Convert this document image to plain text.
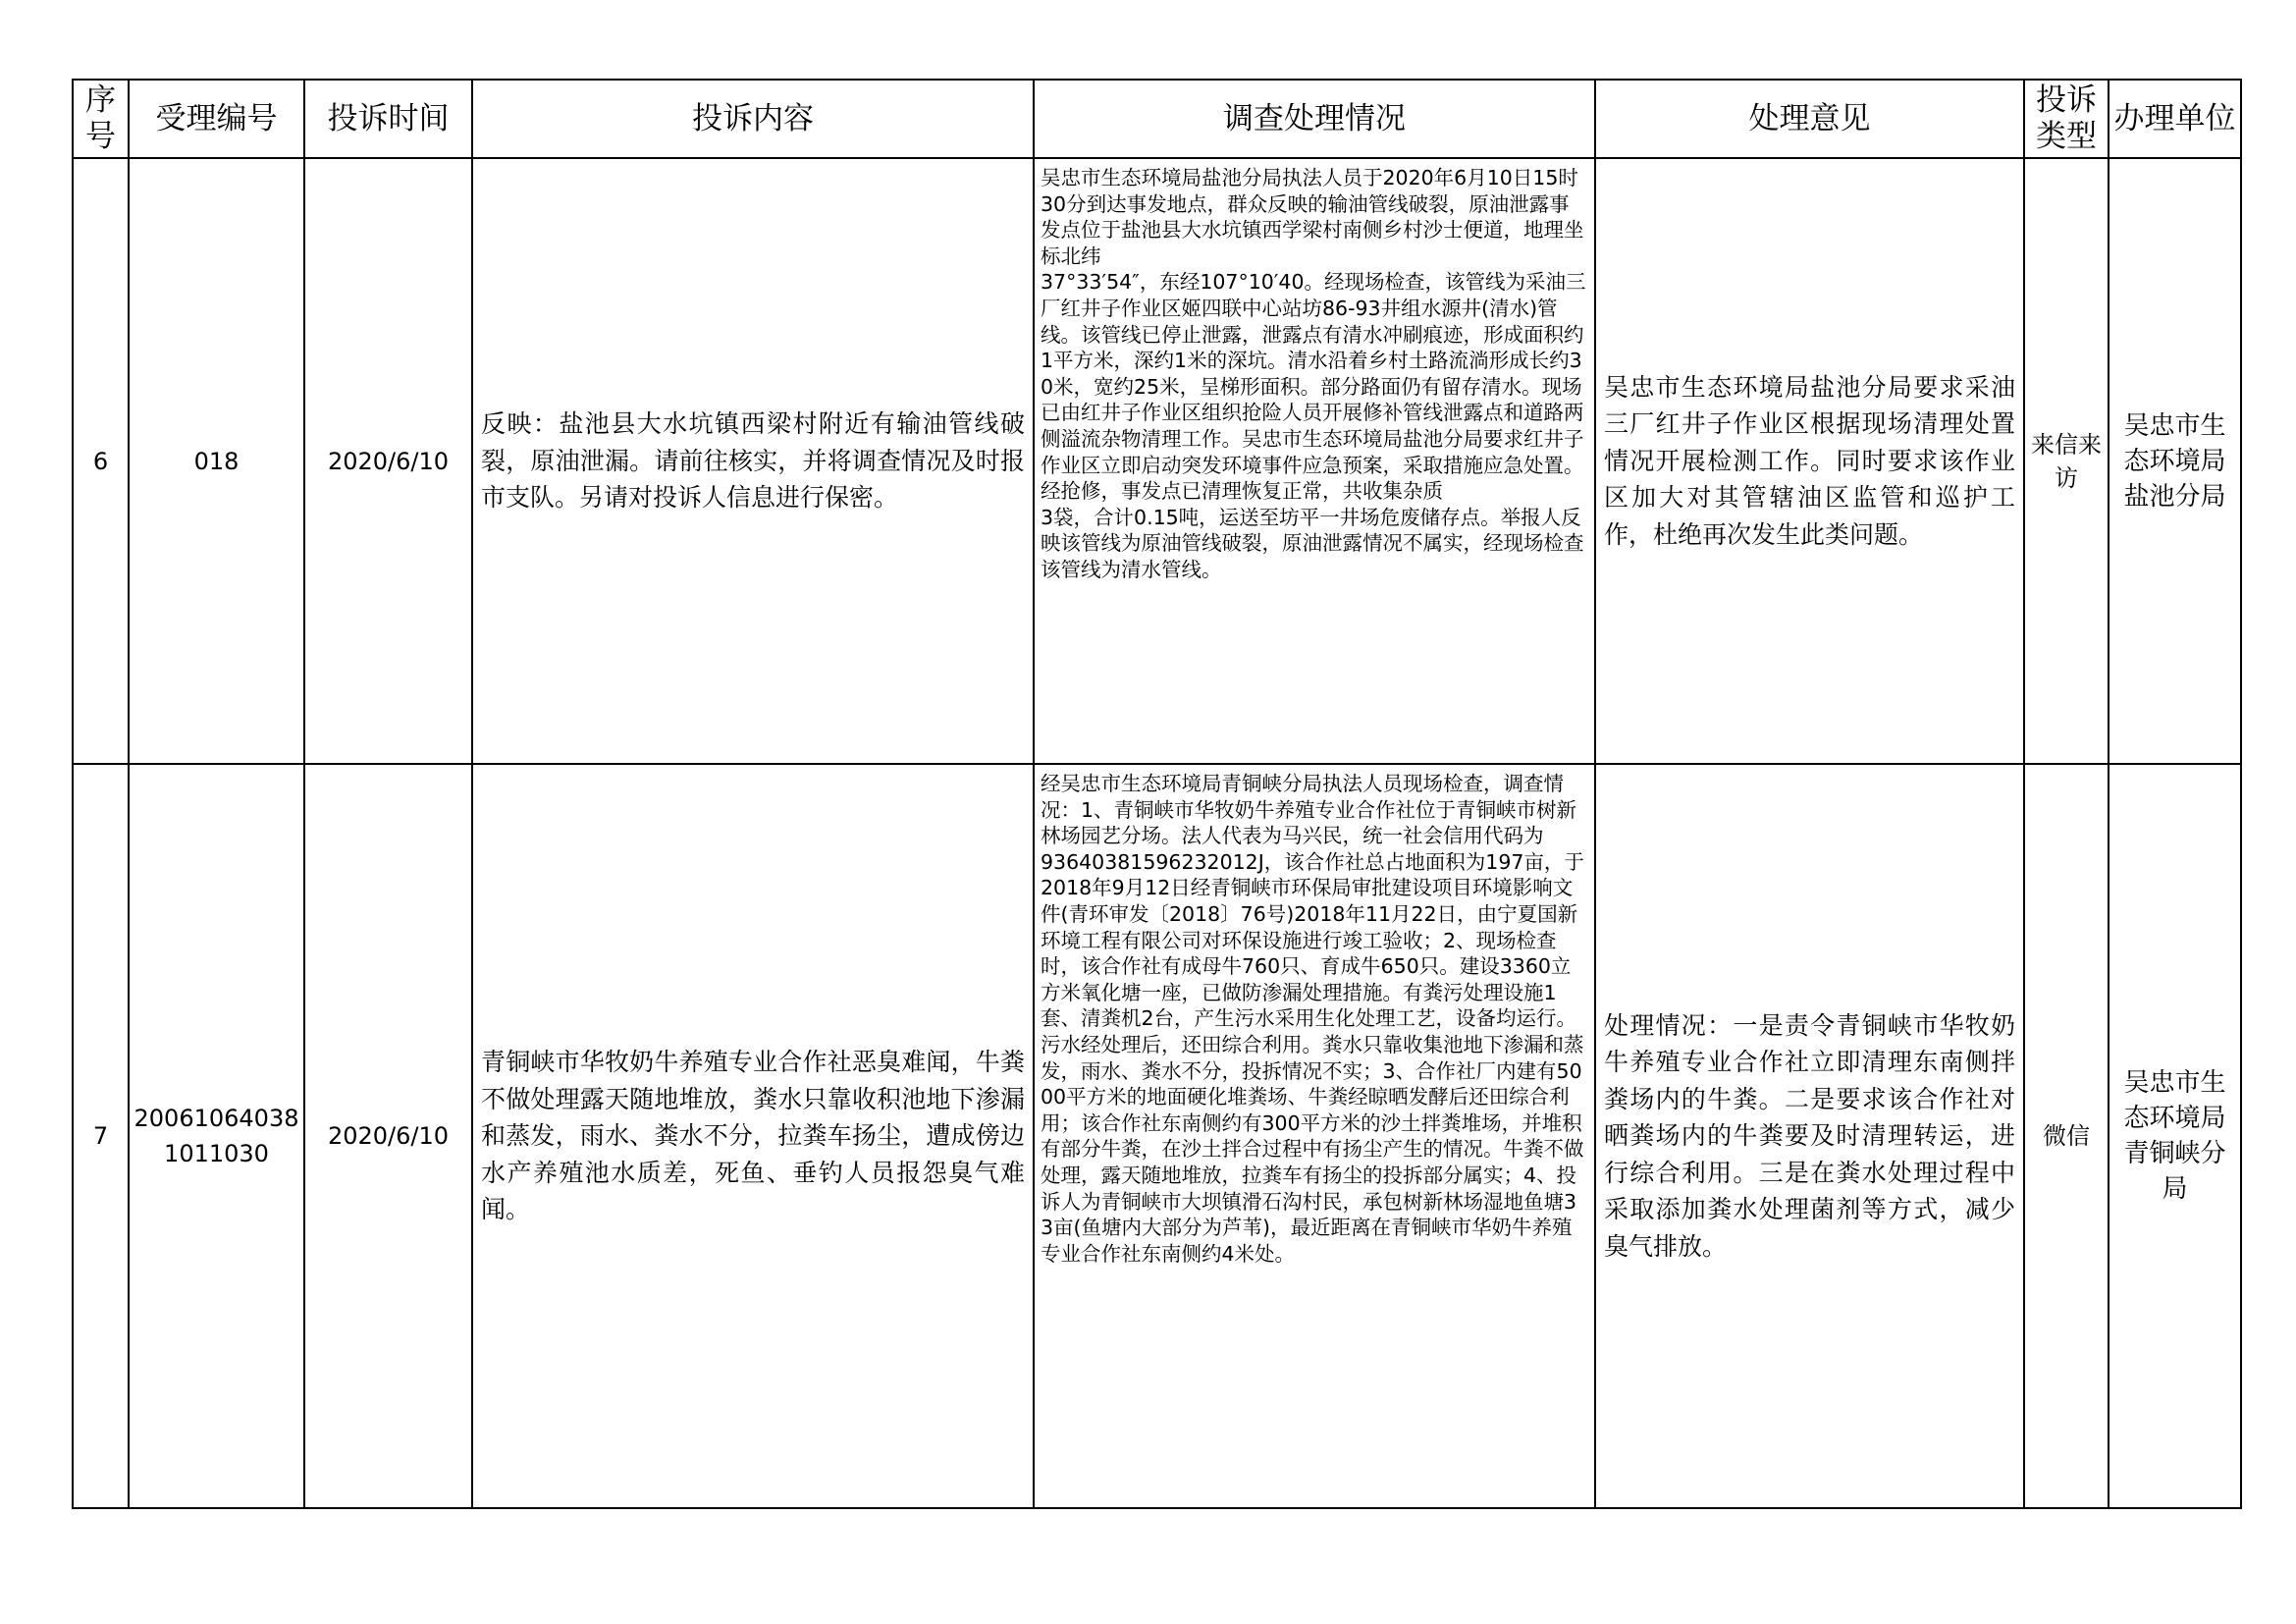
序号	受理编号	投诉时间	投诉内容	调查处理情况	处理意见	投诉类型	办理单位
6	018	2020/6/10	反映：盐池县大水坑镇西梁村附近有输油管线破裂，原油泄漏。请前往核实，并将调查情况及时报市支队。另请对投诉人信息进行保密。	吴忠市生态环境局盐池分局执法人员于2020年6月10日15时30分到达事发地点，群众反映的输油管线破裂，原油泄露事发点位于盐池县大水坑镇西学梁村南侧乡村沙士便道，地理坐标北纬
37°33′54″，东经107°10′40。经现场检查，该管线为采油三厂红井子作业区姬四联中心站坊86-93井组水源井(清水)管线。该管线已停止泄露，泄露点有清水冲刷痕迹，形成面积约1平方米，深约1米的深坑。清水沿着乡村土路流淌形成长约30米，宽约25米，呈梯形面积。部分路面仍有留存清水。现场已由红井子作业区组织抢险人员开展修补管线泄露点和道路两侧溢流杂物清理工作。吴忠市生态环境局盐池分局要求红井子作业区立即启动突发环境事件应急预案，采取措施应急处置。经抢修，事发点已清理恢复正常，共收集杂质
3袋，合计0.15吨，运送至坊平一井场危废储存点。举报人反映该管线为原油管线破裂，原油泄露情况不属实，经现场检查该管线为清水管线。	吴忠市生态环境局盐池分局要求采油三厂红井子作业区根据现场清理处置情况开展检测工作。同时要求该作业区加大对其管辖油区监管和巡护工作，杜绝再次发生此类问题。	来信来访	吴忠市生态环境局盐池分局
7	200610640381011030	2020/6/10	青铜峡市华牧奶牛养殖专业合作社恶臭难闻，牛粪不做处理露天随地堆放，粪水只靠收积池地下渗漏和蒸发，雨水、粪水不分，拉粪车扬尘，遭成傍边水产养殖池水质差，死鱼、垂钓人员报怨臭气难闻。	经吴忠市生态环境局青铜峡分局执法人员现场检查，调查情况：1、青铜峡市华牧奶牛养殖专业合作社位于青铜峡市树新林场园艺分场。法人代表为马兴民，统一社会信用代码为
93640381596232012J，该合作社总占地面积为197亩，于2018年9月12日经青铜峡市环保局审批建设项目环境影响文件(青环审发〔2018〕76号)2018年11月22日，由宁夏国新环境工程有限公司对环保设施进行竣工验收；2、现场检查时，该合作社有成母牛760只、育成牛650只。建设3360立方米氧化塘一座，已做防渗漏处理措施。有粪污处理设施1套、清粪机2台，产生污水采用生化处理工艺，设备均运行。污水经处理后，还田综合利用。粪水只靠收集池地下渗漏和蒸发，雨水、粪水不分，投拆情况不实；3、合作社厂内建有5000平方米的地面硬化堆粪场、牛粪经晾晒发酵后还田综合利用；该合作社东南侧约有300平方米的沙土拌粪堆场，并堆积有部分牛粪，在沙土拌合过程中有扬尘产生的情况。牛粪不做处理，露天随地堆放，拉粪车有扬尘的投拆部分属实；4、投诉人为青铜峡市大坝镇滑石沟村民，承包树新林场湿地鱼塘33亩(鱼塘内大部分为芦苇)，最近距离在青铜峡市华奶牛养殖专业合作社东南侧约4米处。	处理情况：一是责令青铜峡市华牧奶牛养殖专业合作社立即清理东南侧拌粪场内的牛粪。二是要求该合作社对晒粪场内的牛粪要及时清理转运，进行综合利用。三是在粪水处理过程中采取添加粪水处理菌剂等方式，减少臭气排放。	微信	吴忠市生态环境局青铜峡分局
